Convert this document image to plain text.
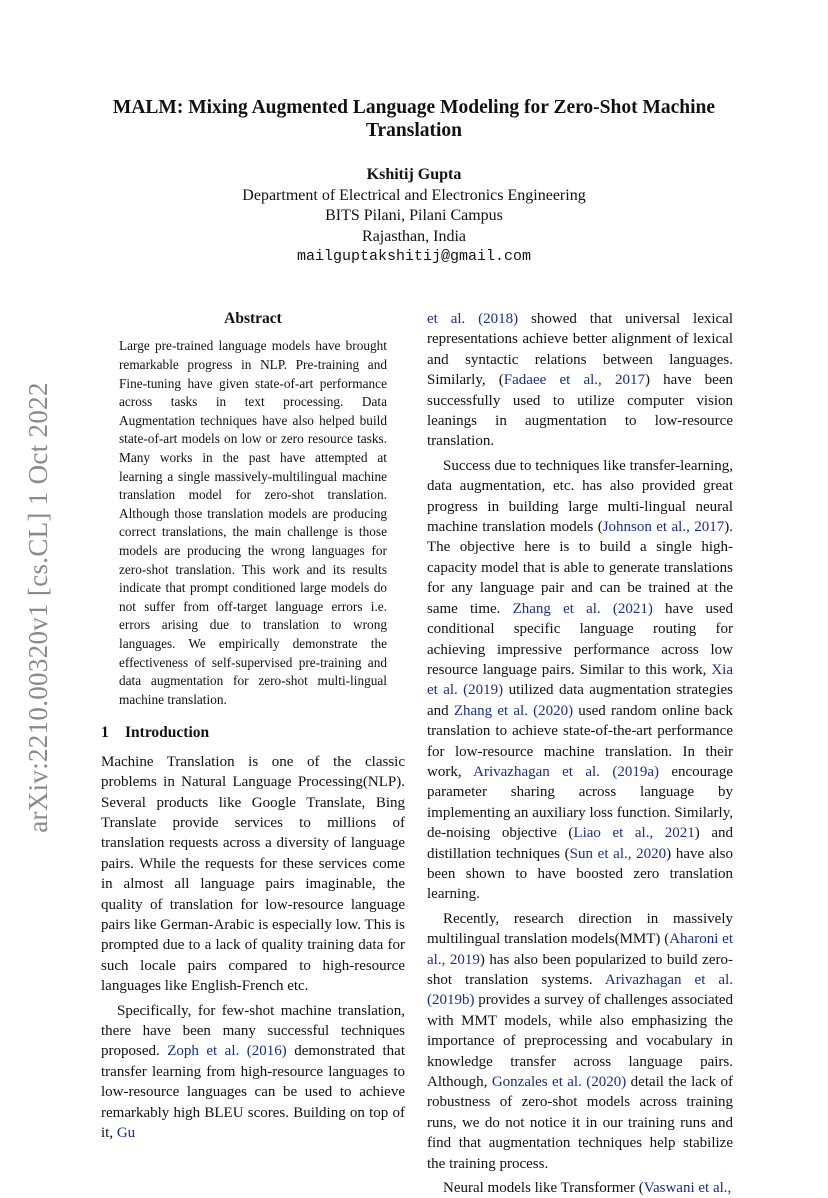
arXiv:2210.00320v1 [cs.CL] 1 Oct 2022
MALM: Mixing Augmented Language Modeling for Zero-Shot Machine
Translation
Kshitij Gupta
Department of Electrical and Electronics Engineering
BITS Pilani, Pilani Campus
Rajasthan, India
mailguptakshitij@gmail.com
Abstract

Large pre-trained language models have brought remarkable progress in NLP. Pre-training and Fine-tuning have given state-of-art performance across tasks in text processing. Data Augmentation techniques have also helped build state-of-art models on low or zero resource tasks. Many works in the past have attempted at learning a single massively-multilingual machine translation model for zero-shot translation. Although those translation models are producing correct translations, the main challenge is those models are producing the wrong languages for zero-shot translation. This work and its results indicate that prompt conditioned large models do not suffer from off-target language errors i.e. errors arising due to translation to wrong languages. We empirically demonstrate the effectiveness of self-supervised pre-training and data augmentation for zero-shot multi-lingual machine translation.

1 Introduction

Machine Translation is one of the classic problems in Natural Language Processing(NLP). Several products like Google Translate, Bing Translate provide services to millions of translation requests across a diversity of language pairs. While the requests for these services come in almost all language pairs imaginable, the quality of translation for low-resource language pairs like German-Arabic is especially low. This is prompted due to a lack of quality training data for such locale pairs compared to high-resource languages like English-French etc.

Specifically, for few-shot machine translation, there have been many successful techniques proposed. Zoph et al. (2016) demonstrated that transfer learning from high-resource languages to low-resource languages can be used to achieve remarkably high BLEU scores. Building on top of it, Gu

et al. (2018) showed that universal lexical representations achieve better alignment of lexical and syntactic relations between languages. Similarly, (Fadaee et al., 2017) have been successfully used to utilize computer vision leanings in augmentation to low-resource translation.

Success due to techniques like transfer-learning, data augmentation, etc. has also provided great progress in building large multi-lingual neural machine translation models (Johnson et al., 2017). The objective here is to build a single high-capacity model that is able to generate translations for any language pair and can be trained at the same time. Zhang et al. (2021) have used conditional specific language routing for achieving impressive performance across low resource language pairs. Similar to this work, Xia et al. (2019) utilized data augmentation strategies and Zhang et al. (2020) used random online back translation to achieve state-of-the-art performance for low-resource machine translation. In their work, Arivazhagan et al. (2019a) encourage parameter sharing across language by implementing an auxiliary loss function. Similarly, de-noising objective (Liao et al., 2021) and distillation techniques (Sun et al., 2020) have also been shown to have boosted zero translation learning.

Recently, research direction in massively multilingual translation models(MMT) (Aharoni et al., 2019) has also been popularized to build zero-shot translation systems. Arivazhagan et al. (2019b) provides a survey of challenges associated with MMT models, while also emphasizing the importance of preprocessing and vocabulary in knowledge transfer across language pairs. Although, Gonzales et al. (2020) detail the lack of robustness of zero-shot models across training runs, we do not notice it in our training runs and find that augmentation techniques help stabilize the training process.

Neural models like Transformer (Vaswani et al.,
